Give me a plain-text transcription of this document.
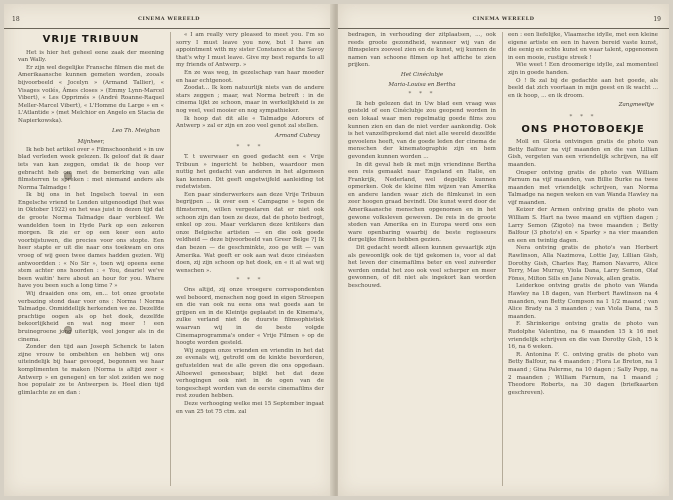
18	CINEMA WEREELD
VRIJE TRIBUUN

Het is hier het geheel eene zaak der meening van Wally.

Er zijn wel degelijke Fransche filmen die met de Amerikaansche kunnen gemeten worden, zooals bijvoorbeeld « Jocelyn » (Armand Tallier), « Visages voilés, Âmes closes » (Emmy Lynn-Marcel Vibert), « Les Opprimés » (André Roanne-Raquel Meller-Marcel Vibert), « L'Homme du Large » en « L'Atlantide » (met Melchior en Angelo en Stacia de Napierkowska).

Leo Th. Meighan

Mijnheer,

Ik heb het artikel over « Filmschoonheid » in uw blad verleden week gelezen. Ik geloof dat ik daar iets van kan zeggen, omdat ik de hoop ver gebracht heb om met de bemerking van alle filmsterren te spreken : met niemand anders als Norma Talmadge !

Ik bij ons in het Ingelsch toeval in een Engelsche vriend te Londen uitgenoodigd (het was in Oktober 1922) en het was juist in dezen tijd dat de groote Norma Talmadge daar verbleef. We wandelden toen in Hyde Park op een zekeren morgen. Ik zie er op een keer een auto voorbijstuwen, die precies voor ons stopte. Een heer stapte er uit die naar ons toekwam en ons vroeg of wij geen twee dames hadden gezien. Wij antwoordden : « No Sir », toen wij opeens eene stem achter ons hoorden : « You, dearie! we've been waitin' here about an hour for you. Where have you been such a long time ? »

Wij draaiden ons om, en... tot onze grootste verbazing stond daar voor ons : Norma ! Norma Talmadge. Onmiddellijk herkenden we ze. Dezelfde prachtige oogen als op het doek, dezelfde bekoorlijkheid en wat nog meer ! een bruinegroene jong uiterlijk, veel jonger als in de cinema.

Zonder den tijd aan Joseph Schenck te laten zijne vrouw te ombehten en hebben wij ons uiteindelijk bij haar gevoegd, begonnen we haar komplimenten te maken (Norma is altijd zeer « Antwerp » en genegen) en ter slot zeiden we nog hoe populair ze te Antwerpen is. Heel dien tijd glimlachte ze en dan :

« I am really very pleased to meet you. I'm so sorry I must leave you now, but I have an appointment with my sister Constance at the Savoy that's why I must leave. Give my best regards to all my friends of Antwerp. »

En ze was weg, in gezelschap van haar moeder en haar echtgenoot.

Zoodat... Ik kom natuurlijk niets van de andere stars zeggen ; maar, wat Norma betreft : in de cinema lijkt ze schoon, maar in werkelijkheid is ze nog veel, veel mooier en nog sympathieker.

Ik hoop dat dit alle « Talmadge Adorers of Antwerp » zal er zijn en zoo veel genot zal stellen.

Armand Cubray
* * *

T. t uwerwaer en goed gedacht een « Vrije Tribuun » ingericht te hebben, waardoor men nuttig het gedacht van anderen in het algemeen kan kennen. Dit geeft ongetwijfeld aanleiding tot redetwisten.

Een paar sinderwerkers aan deze Vrije Tribuun begrijpen ... ik over een « Campagne » tegen de filmsterren, willen vergeelaren dat er niet ook schoon zijn dan toen ze deze, dat de photo bedrogt, enkel op zou. Maar verklaren deze kritikers dan onze Belgische artisten — en die ook goede veldheid — deze bijvoorbeeld van Greer Belge ?] Ik dan bezen — de geschminkte, zoo ge wilt — van Amerika. Wat geeft er ook aan wat deze cinéasten doen, zij zijn schoon op het doek, en « it al wat wij wenschen ».

* * *

Ons altijd, zij onze vroegere correspondenten wel beboord, menschen nog goed in eigen Streepen en die van ook nu eens ons wat goeds aan te grijpen en in de Kleintje geplaatst in de Kinema's, zulke verland niet de duurste filmsophistiek waarvan wij in de beste volgde Cinemaprogramma's onder « Vrije Filmen » op de hoogte worden gesteld.

Wij zeggen onze vrienden en vriendin in het dat ze evenals wij, getrofd om de kinkte bevorderen, gefustelden wat de alle geven die ons opgedaan. Alhoewel geneesbaar, blijkt het dat deze verhogingen ook niet in de ogen van de tongeschept worden van de eerste cinemafilms der rest zouden hebben.

Deze verhooging welke mei 15 September ingaat en van 25 tot 75 ctm. zal

CINEMA WEREELD	19

bedragen, in verhouding der zitplaatsen, ..., ook reeds groote gezondheid, wanneer wij van de filmspelers zooveel zien en de kunst, wij kunnen de namen van schoone filmen op het affiche te zien prijken.

Het Cinéclubje
Maria-Louisa en Bertha
* * *

Ik heb gelezen dat in Uw blad een vraag was gesteld of een Cinéclubje zou geopend worden in een lokaal waar men regelmatig goede films zou kunnen zien en dan de niet verder aankondig. Ook is het vanzelfsprekend dat niet alle wereld dezelfde gevoelens heeft, van de goede leden der cinema de menschen der kinematographie zijn en hem gevonden kunnen worden ...

In dit geval heb ik met mijn vriendinne Bertha een reis gemaakt naar Engeland en Italie, en Frankrijk, Nederland, wel degelijk kunnen opmerken. Ook de kleine film wijzen van Amerika en andere landen waar zich de filmkunst in een zeer hoogen graad bevindt. Die kunst werd door de Amerikaansche menschen opgenomen en in het gewone volksleven geweven. De reis in de groote steden van Amerika en in Europa werd ons een ware openbaring waarbij de beste regisseurs dergelijke filmen hebben gezien.

Dit gedacht wordt alleen kunnen gevaarlijk zijn als gewoonlijk ook de tijd gekomen is, voor al dat het leven der cinemafilms beter en veel zuiverder werden omdat het zoo ook veel scherper en meer gewonnen, of dit niet als ingekort kan worden beschouwd.

een : een liefelijke, Vlaamsche idylle, met een kleine eigene artiste en een in haven bereid vaste kunst, die eenig en echte kunst en waar talent, opgenomen in een mooie, rustige streek !

Wie weet ! Een droomerige idylle, zal momenteel zijn in goede handen.

O ! Ik zal bij de gedachte aan het goede, als beeld dat zich voortaan in mijn geest en ik wacht ... en ik hoop, ... en ik droom.

Zangmeeltje
* * *
ONS PHOTOBOEKJE

Moll en Gloria ontvingen gratis de photo van Betty Balfour na vijf maanden en die van Lillian Gish, vergeten van een vriendelijk schrijven, na elf maanden.

Onsper ontving gratis de photo van William Farnum na vijf maanden, van Billie Burke na twee maanden met vriendelijk schrijven, van Norma Talmadge na negen weken en van Wanda Hawley na vijf maanden.

Keizer der Armen ontving gratis de photo van William S. Hart na twee maand en vijftien dagen ; Larry Semon (Zigoto) na twee maanden ; Betty Balfour (3 photo's) en « Sparky » na vier maanden en een en twintig dagen.

Nera ontving gratis de photo's van Herbert Rawlinson, Alla Nazimova, Lottie Jay, Lillian Gish, Dorothy Gish, Charles Ray, Ramon Navarro, Alice Terry, Mae Murray, Viola Dana, Larry Semon, Olaf Fönss, Milton Sills en Jane Novak, allen gratis.

Leiderkoe ontving gratis de photo van Wanda Hawley na 18 dagen, van Herbert Rawlinson na 4 maanden, van Betty Compson na 1 1/2 maand ; van Alice Brady na 3 maanden ; van Viola Dana, na 5 maanden.

F. Shrinkerige ontving gratis de photo van Rudolphe Valentino, na 6 maanden 15 k 16 met vriendelijk schrijven en die van Dorothy Gish, 15 k 16, na 6 weken.

R. Antonina F. C. ontving gratis de photo van Betty Balfour, na 4 maanden ; Flora Le Breton, na 1 maand ; Gina Palerme, na 10 dagen ; Sally Pepp, na 2 maanden ; William Farnum, na 1 maand ; Theodore Roberts, na 30 dagen (briefkaarten geschreven).
